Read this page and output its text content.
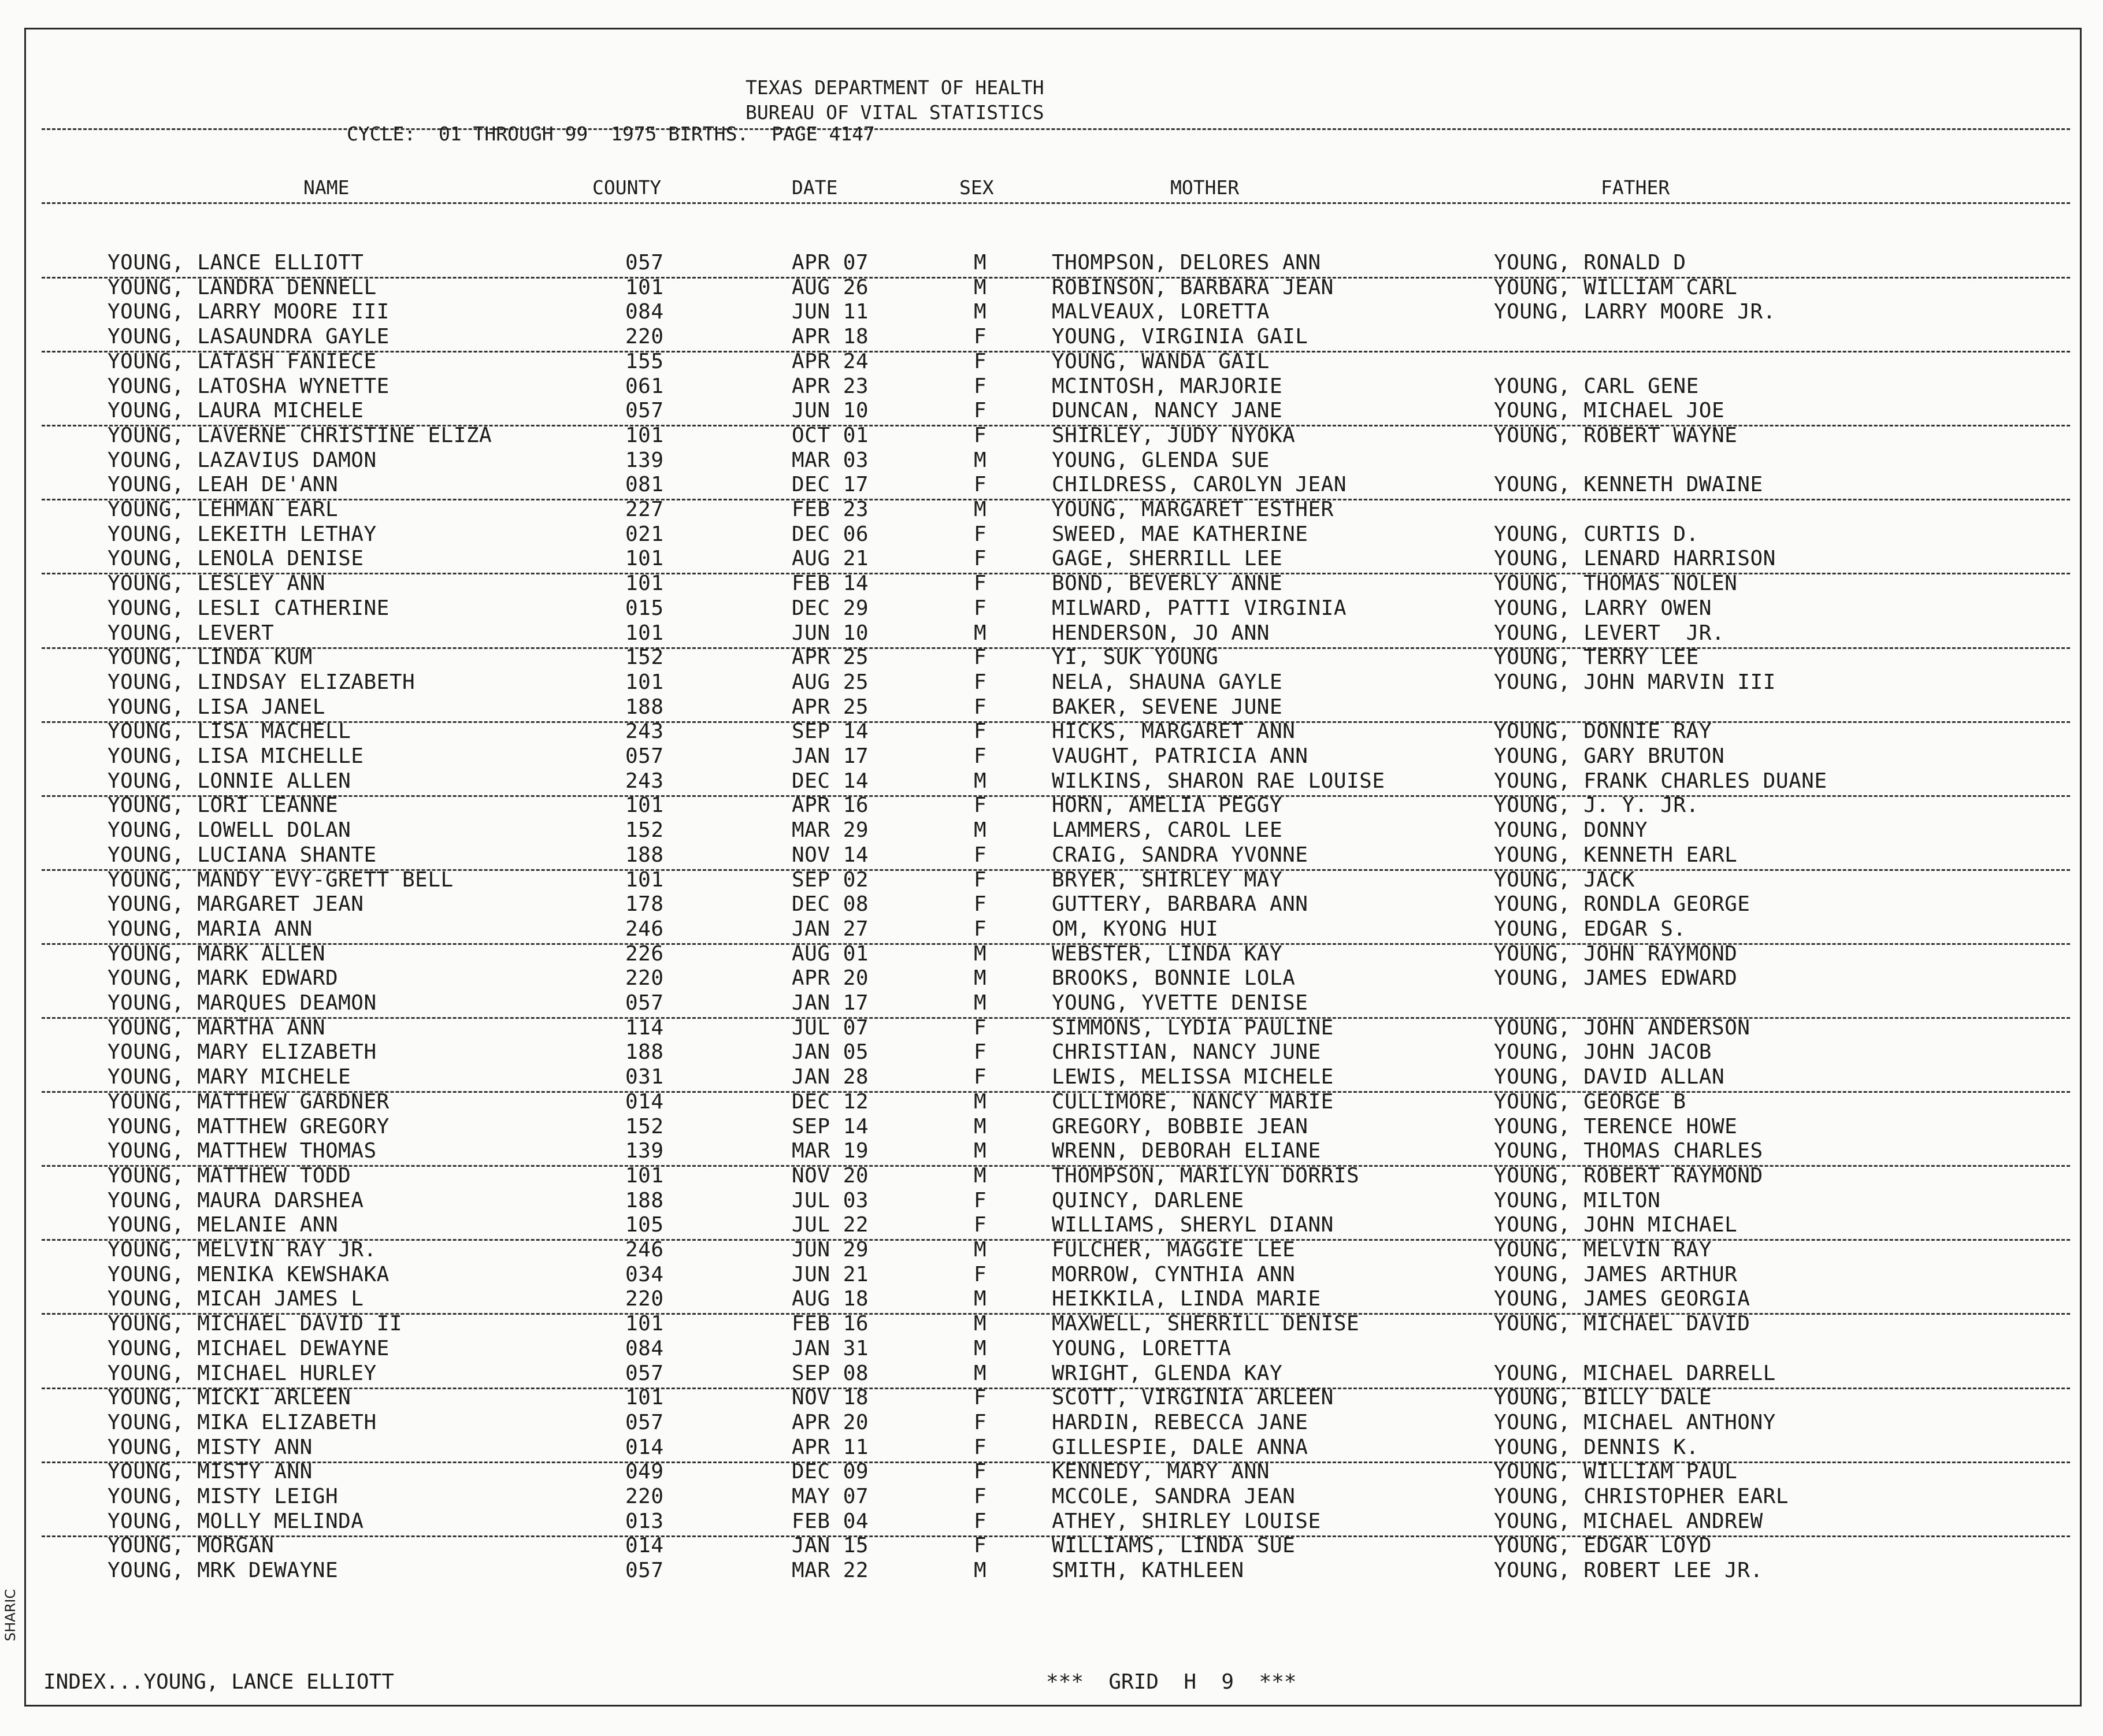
TEXAS DEPARTMENT OF HEALTH
BUREAU OF VITAL STATISTICS
CYCLE:  01 THROUGH 99  1975 BIRTHS.  PAGE 4147
NAME	COUNTY	DATE	SEX	MOTHER	FATHER
YOUNG, LANCE ELLIOTT	057	APR 07	M	THOMPSON, DELORES ANN	YOUNG, RONALD D
YOUNG, LANDRA DENNELL	101	AUG 26	M	ROBINSON, BARBARA JEAN	YOUNG, WILLIAM CARL
YOUNG, LARRY MOORE III	084	JUN 11	M	MALVEAUX, LORETTA	YOUNG, LARRY MOORE JR.
YOUNG, LASAUNDRA GAYLE	220	APR 18	F	YOUNG, VIRGINIA GAIL
YOUNG, LATASH FANIECE	155	APR 24	F	YOUNG, WANDA GAIL
YOUNG, LATOSHA WYNETTE	061	APR 23	F	MCINTOSH, MARJORIE	YOUNG, CARL GENE
YOUNG, LAURA MICHELE	057	JUN 10	F	DUNCAN, NANCY JANE	YOUNG, MICHAEL JOE
YOUNG, LAVERNE CHRISTINE ELIZA	101	OCT 01	F	SHIRLEY, JUDY NYOKA	YOUNG, ROBERT WAYNE
YOUNG, LAZAVIUS DAMON	139	MAR 03	M	YOUNG, GLENDA SUE
YOUNG, LEAH DE'ANN	081	DEC 17	F	CHILDRESS, CAROLYN JEAN	YOUNG, KENNETH DWAINE
YOUNG, LEHMAN EARL	227	FEB 23	M	YOUNG, MARGARET ESTHER
YOUNG, LEKEITH LETHAY	021	DEC 06	F	SWEED, MAE KATHERINE	YOUNG, CURTIS D.
YOUNG, LENOLA DENISE	101	AUG 21	F	GAGE, SHERRILL LEE	YOUNG, LENARD HARRISON
YOUNG, LESLEY ANN	101	FEB 14	F	BOND, BEVERLY ANNE	YOUNG, THOMAS NOLEN
YOUNG, LESLI CATHERINE	015	DEC 29	F	MILWARD, PATTI VIRGINIA	YOUNG, LARRY OWEN
YOUNG, LEVERT	101	JUN 10	M	HENDERSON, JO ANN	YOUNG, LEVERT  JR.
YOUNG, LINDA KUM	152	APR 25	F	YI, SUK YOUNG	YOUNG, TERRY LEE
YOUNG, LINDSAY ELIZABETH	101	AUG 25	F	NELA, SHAUNA GAYLE	YOUNG, JOHN MARVIN III
YOUNG, LISA JANEL	188	APR 25	F	BAKER, SEVENE JUNE
YOUNG, LISA MACHELL	243	SEP 14	F	HICKS, MARGARET ANN	YOUNG, DONNIE RAY
YOUNG, LISA MICHELLE	057	JAN 17	F	VAUGHT, PATRICIA ANN	YOUNG, GARY BRUTON
YOUNG, LONNIE ALLEN	243	DEC 14	M	WILKINS, SHARON RAE LOUISE	YOUNG, FRANK CHARLES DUANE
YOUNG, LORI LEANNE	101	APR 16	F	HORN, AMELIA PEGGY	YOUNG, J. Y. JR.
YOUNG, LOWELL DOLAN	152	MAR 29	M	LAMMERS, CAROL LEE	YOUNG, DONNY
YOUNG, LUCIANA SHANTE	188	NOV 14	F	CRAIG, SANDRA YVONNE	YOUNG, KENNETH EARL
YOUNG, MANDY EVY-GRETT BELL	101	SEP 02	F	BRYER, SHIRLEY MAY	YOUNG, JACK
YOUNG, MARGARET JEAN	178	DEC 08	F	GUTTERY, BARBARA ANN	YOUNG, RONDLA GEORGE
YOUNG, MARIA ANN	246	JAN 27	F	OM, KYONG HUI	YOUNG, EDGAR S.
YOUNG, MARK ALLEN	226	AUG 01	M	WEBSTER, LINDA KAY	YOUNG, JOHN RAYMOND
YOUNG, MARK EDWARD	220	APR 20	M	BROOKS, BONNIE LOLA	YOUNG, JAMES EDWARD
YOUNG, MARQUES DEAMON	057	JAN 17	M	YOUNG, YVETTE DENISE
YOUNG, MARTHA ANN	114	JUL 07	F	SIMMONS, LYDIA PAULINE	YOUNG, JOHN ANDERSON
YOUNG, MARY ELIZABETH	188	JAN 05	F	CHRISTIAN, NANCY JUNE	YOUNG, JOHN JACOB
YOUNG, MARY MICHELE	031	JAN 28	F	LEWIS, MELISSA MICHELE	YOUNG, DAVID ALLAN
YOUNG, MATTHEW GARDNER	014	DEC 12	M	CULLIMORE, NANCY MARIE	YOUNG, GEORGE B
YOUNG, MATTHEW GREGORY	152	SEP 14	M	GREGORY, BOBBIE JEAN	YOUNG, TERENCE HOWE
YOUNG, MATTHEW THOMAS	139	MAR 19	M	WRENN, DEBORAH ELIANE	YOUNG, THOMAS CHARLES
YOUNG, MATTHEW TODD	101	NOV 20	M	THOMPSON, MARILYN DORRIS	YOUNG, ROBERT RAYMOND
YOUNG, MAURA DARSHEA	188	JUL 03	F	QUINCY, DARLENE	YOUNG, MILTON
YOUNG, MELANIE ANN	105	JUL 22	F	WILLIAMS, SHERYL DIANN	YOUNG, JOHN MICHAEL
YOUNG, MELVIN RAY JR.	246	JUN 29	M	FULCHER, MAGGIE LEE	YOUNG, MELVIN RAY
YOUNG, MENIKA KEWSHAKA	034	JUN 21	F	MORROW, CYNTHIA ANN	YOUNG, JAMES ARTHUR
YOUNG, MICAH JAMES L	220	AUG 18	M	HEIKKILA, LINDA MARIE	YOUNG, JAMES GEORGIA
YOUNG, MICHAEL DAVID II	101	FEB 16	M	MAXWELL, SHERRILL DENISE	YOUNG, MICHAEL DAVID
YOUNG, MICHAEL DEWAYNE	084	JAN 31	M	YOUNG, LORETTA
YOUNG, MICHAEL HURLEY	057	SEP 08	M	WRIGHT, GLENDA KAY	YOUNG, MICHAEL DARRELL
YOUNG, MICKI ARLEEN	101	NOV 18	F	SCOTT, VIRGINIA ARLEEN	YOUNG, BILLY DALE
YOUNG, MIKA ELIZABETH	057	APR 20	F	HARDIN, REBECCA JANE	YOUNG, MICHAEL ANTHONY
YOUNG, MISTY ANN	014	APR 11	F	GILLESPIE, DALE ANNA	YOUNG, DENNIS K.
YOUNG, MISTY ANN	049	DEC 09	F	KENNEDY, MARY ANN	YOUNG, WILLIAM PAUL
YOUNG, MISTY LEIGH	220	MAY 07	F	MCCOLE, SANDRA JEAN	YOUNG, CHRISTOPHER EARL
YOUNG, MOLLY MELINDA	013	FEB 04	F	ATHEY, SHIRLEY LOUISE	YOUNG, MICHAEL ANDREW
YOUNG, MORGAN	014	JAN 15	F	WILLIAMS, LINDA SUE	YOUNG, EDGAR LOYD
YOUNG, MRK DEWAYNE	057	MAR 22	M	SMITH, KATHLEEN	YOUNG, ROBERT LEE JR.
INDEX...YOUNG, LANCE ELLIOTT	***  GRID  H  9  ***
SHARIC
